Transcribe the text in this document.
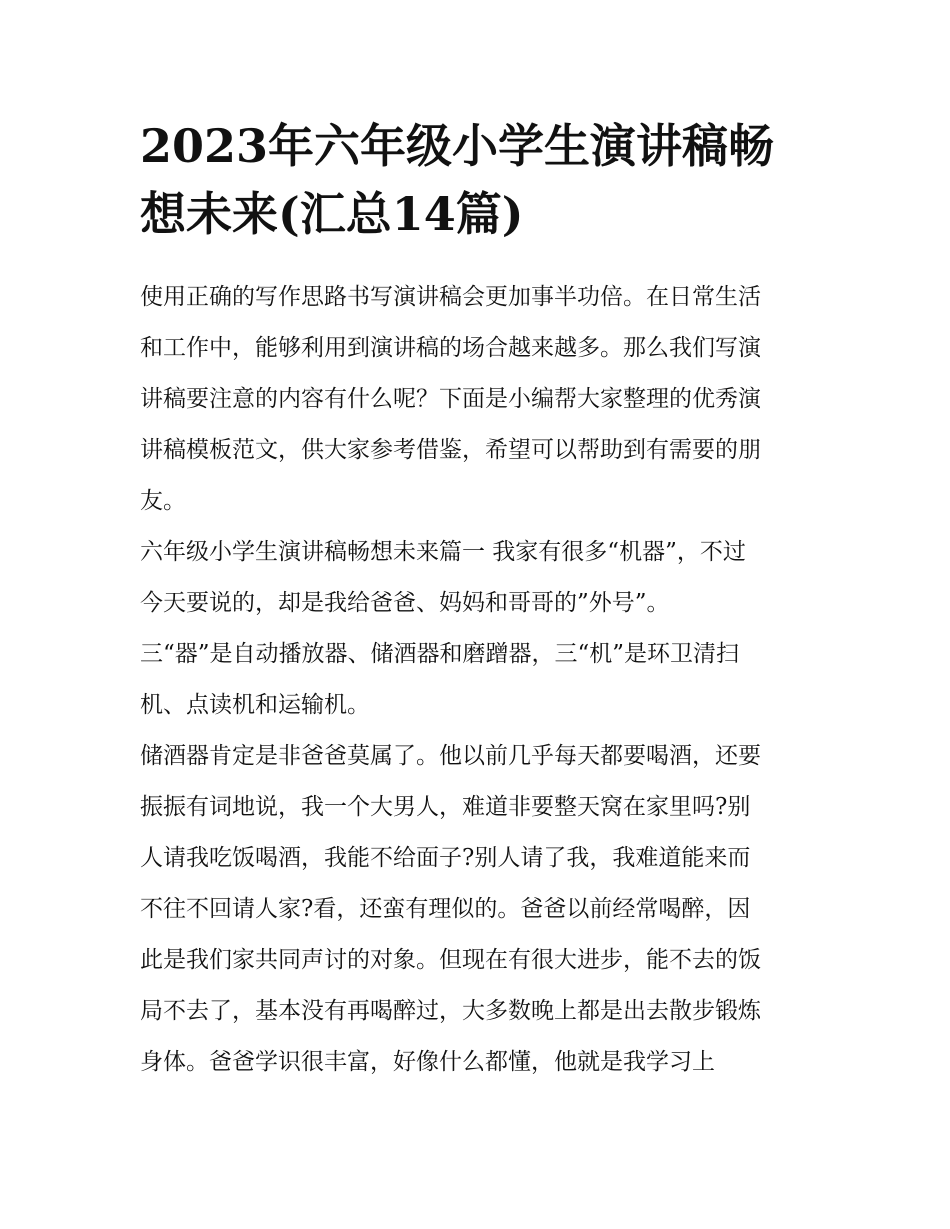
2023年六年级小学生演讲稿畅
想未来(汇总14篇)

使用正确的写作思路书写演讲稿会更加事半功倍。在日常生活
和工作中，能够利用到演讲稿的场合越来越多。那么我们写演
讲稿要注意的内容有什么呢？下面是小编帮大家整理的优秀演
讲稿模板范文，供大家参考借鉴，希望可以帮助到有需要的朋
友。

六年级小学生演讲稿畅想未来篇一 我家有很多“机器”，不过
今天要说的，却是我给爸爸、妈妈和哥哥的”外号”。

三“器”是自动播放器、储酒器和磨蹭器，三“机”是环卫清扫
机、点读机和运输机。

储酒器肯定是非爸爸莫属了。他以前几乎每天都要喝酒，还要
振振有词地说，我一个大男人，难道非要整天窝在家里吗?别
人请我吃饭喝酒，我能不给面子?别人请了我，我难道能来而
不往不回请人家?看，还蛮有理似的。爸爸以前经常喝醉，因
此是我们家共同声讨的对象。但现在有很大进步，能不去的饭
局不去了，基本没有再喝醉过，大多数晚上都是出去散步锻炼
身体。爸爸学识很丰富，好像什么都懂，他就是我学习上
